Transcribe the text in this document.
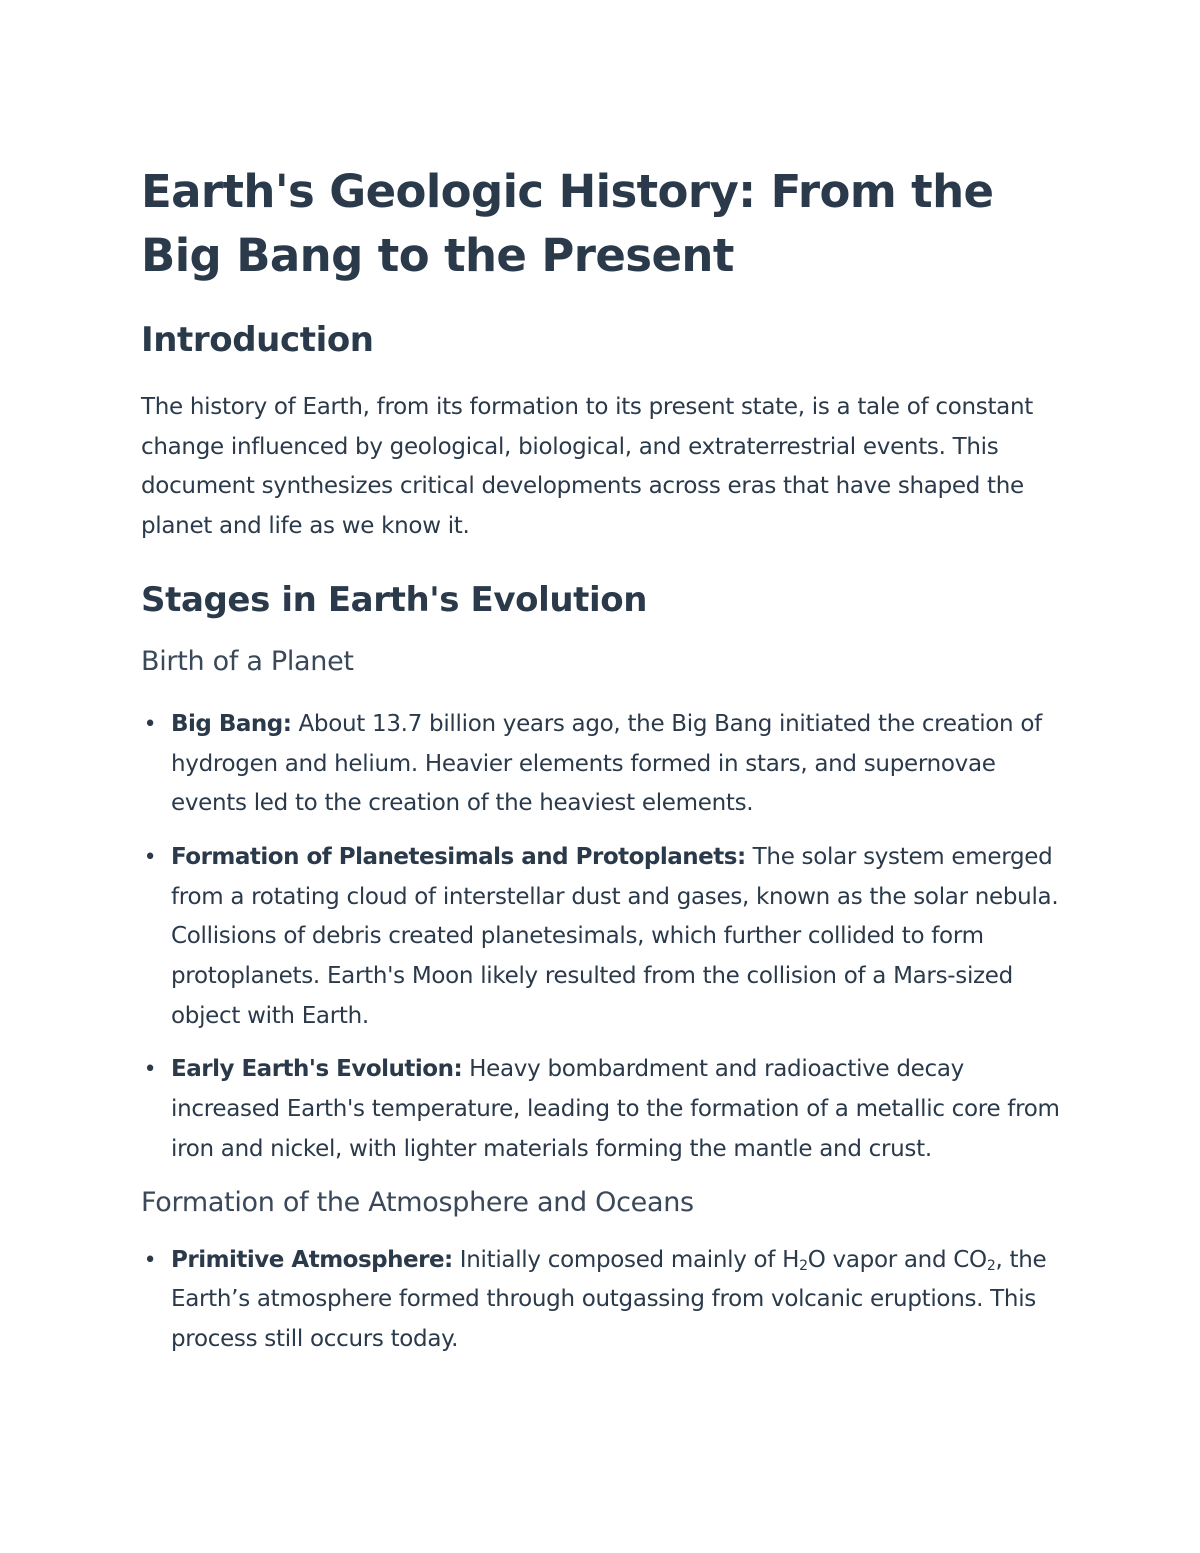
Earth's Geologic History: From the Big Bang to the Present
Introduction

The history of Earth, from its formation to its present state, is a tale of constant change influenced by geological, biological, and extraterrestrial events. This document synthesizes critical developments across eras that have shaped the planet and life as we know it.

Stages in Earth's Evolution
Birth of a Planet
• Big Bang: About 13.7 billion years ago, the Big Bang initiated the creation of hydrogen and helium. Heavier elements formed in stars, and supernovae events led to the creation of the heaviest elements.
• Formation of Planetesimals and Protoplanets: The solar system emerged from a rotating cloud of interstellar dust and gases, known as the solar nebula. Collisions of debris created planetesimals, which further collided to form protoplanets. Earth's Moon likely resulted from the collision of a Mars-sized object with Earth.
• Early Earth's Evolution: Heavy bombardment and radioactive decay increased Earth's temperature, leading to the formation of a metallic core from iron and nickel, with lighter materials forming the mantle and crust.
Formation of the Atmosphere and Oceans
• Primitive Atmosphere: Initially composed mainly of $H_2O$ vapor and $CO_2$, the Earth’s atmosphere formed through outgassing from volcanic eruptions. This process still occurs today.
